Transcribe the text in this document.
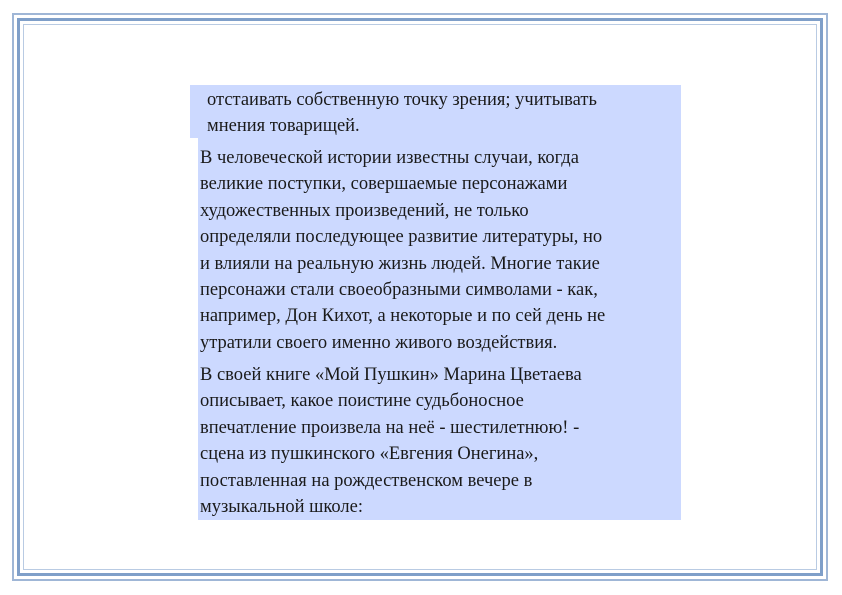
отстаивать собственную точку зрения; учитывать
мнения товарищей.
В человеческой истории известны случаи, когда
великие поступки, совершаемые персонажами
художественных произведений, не только
определяли последующее развитие литературы, но
и влияли на реальную жизнь людей. Многие такие
персонажи стали своеобразными символами - как,
например, Дон Кихот, а некоторые и по сей день не
утратили своего именно живого воздействия.
В своей книге «Мой Пушкин» Марина Цветаева
описывает, какое поистине судьбоносное
впечатление произвела на неё - шестилетнюю! -
сцена из пушкинского «Евгения Онегина»,
поставленная на рождественском вечере в
музыкальной школе:
